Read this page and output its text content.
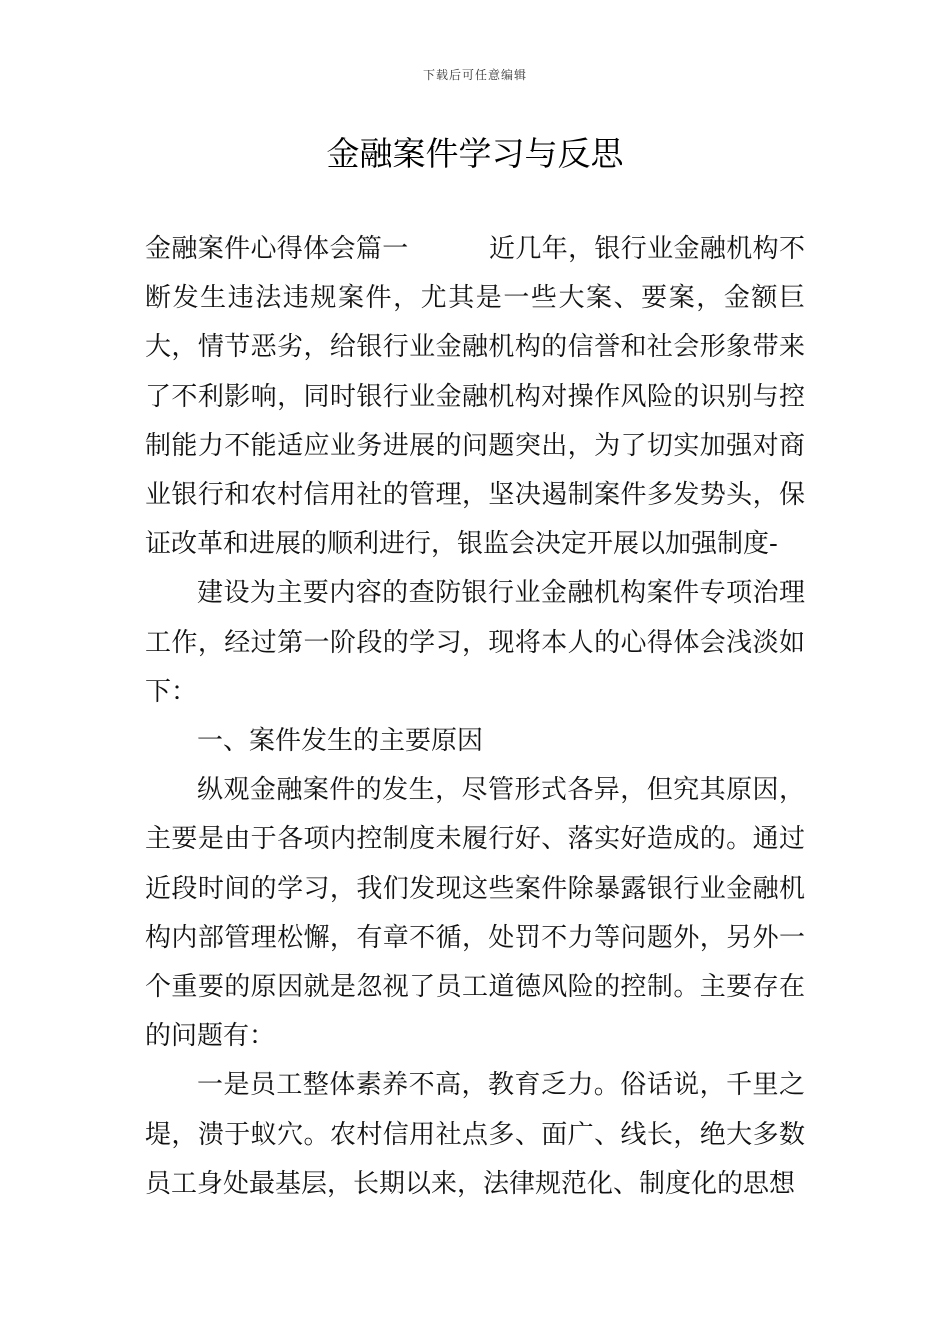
下载后可任意编辑
金融案件学习与反思

金融案件心得体会篇一	近几年，银行业金融机构不断发生违法违规案件，尤其是一些大案、要案，金额巨大，情节恶劣，给银行业金融机构的信誉和社会形象带来了不利影响，同时银行业金融机构对操作风险的识别与控制能力不能适应业务进展的问题突出，为了切实加强对商业银行和农村信用社的管理，坚决遏制案件多发势头，保证改革和进展的顺利进行，银监会决定开展以加强制度-

建设为主要内容的查防银行业金融机构案件专项治理工作，经过第一阶段的学习，现将本人的心得体会浅淡如下：

一、案件发生的主要原因

纵观金融案件的发生，尽管形式各异，但究其原因，主要是由于各项内控制度未履行好、落实好造成的。通过近段时间的学习，我们发现这些案件除暴露银行业金融机构内部管理松懈，有章不循，处罚不力等问题外，另外一个重要的原因就是忽视了员工道德风险的控制。主要存在的问题有：

一是员工整体素养不高，教育乏力。俗话说，千里之堤，溃于蚁穴。农村信用社点多、面广、线长，绝大多数员工身处最基层，长期以来，法律规范化、制度化的思想
